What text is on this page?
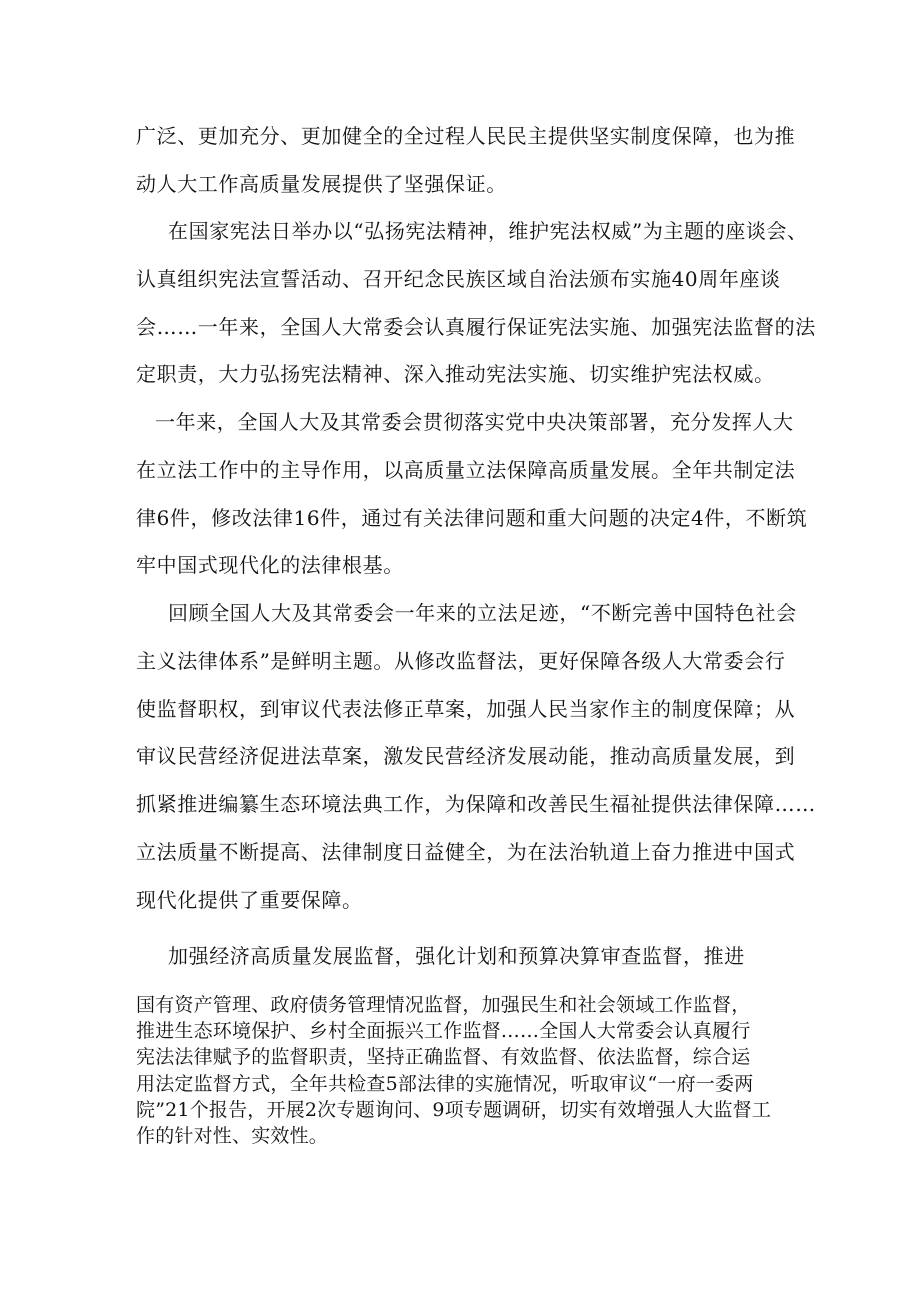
广泛、更加充分、更加健全的全过程人民民主提供坚实制度保障，也为推
动人大工作高质量发展提供了坚强保证。
在国家宪法日举办以“弘扬宪法精神，维护宪法权威”为主题的座谈会、
认真组织宪法宣誓活动、召开纪念民族区域自治法颁布实施40周年座谈
会……一年来，全国人大常委会认真履行保证宪法实施、加强宪法监督的法
定职责，大力弘扬宪法精神、深入推动宪法实施、切实维护宪法权威。
一年来，全国人大及其常委会贯彻落实党中央决策部署，充分发挥人大
在立法工作中的主导作用，以高质量立法保障高质量发展。全年共制定法
律6件，修改法律16件，通过有关法律问题和重大问题的决定4件，不断筑
牢中国式现代化的法律根基。
回顾全国人大及其常委会一年来的立法足迹，“不断完善中国特色社会
主义法律体系”是鲜明主题。从修改监督法，更好保障各级人大常委会行
使监督职权，到审议代表法修正草案，加强人民当家作主的制度保障；从
审议民营经济促进法草案，激发民营经济发展动能，推动高质量发展，到
抓紧推进编纂生态环境法典工作，为保障和改善民生福祉提供法律保障……
立法质量不断提高、法律制度日益健全，为在法治轨道上奋力推进中国式
现代化提供了重要保障。
加强经济高质量发展监督，强化计划和预算决算审查监督，推进
国有资产管理、政府债务管理情况监督，加强民生和社会领域工作监督，
推进生态环境保护、乡村全面振兴工作监督……全国人大常委会认真履行
宪法法律赋予的监督职责，坚持正确监督、有效监督、依法监督，综合运
用法定监督方式，全年共检查5部法律的实施情况，听取审议“一府一委两
院”21个报告，开展2次专题询问、9项专题调研，切实有效增强人大监督工
作的针对性、实效性。
